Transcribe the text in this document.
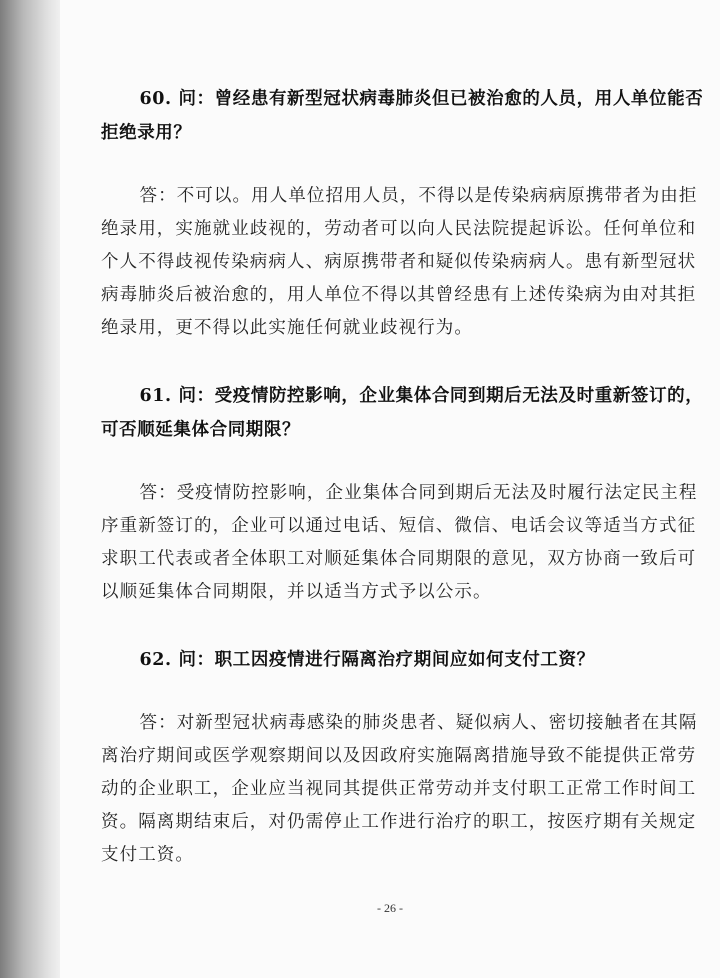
60. 问：曾经患有新型冠状病毒肺炎但已被治愈的人员，用人单位能否拒绝录用？

答：不可以。用人单位招用人员，不得以是传染病病原携带者为由拒绝录用，实施就业歧视的，劳动者可以向人民法院提起诉讼。任何单位和个人不得歧视传染病病人、病原携带者和疑似传染病病人。患有新型冠状病毒肺炎后被治愈的，用人单位不得以其曾经患有上述传染病为由对其拒绝录用，更不得以此实施任何就业歧视行为。

61. 问：受疫情防控影响，企业集体合同到期后无法及时重新签订的，可否顺延集体合同期限？

答：受疫情防控影响，企业集体合同到期后无法及时履行法定民主程序重新签订的，企业可以通过电话、短信、微信、电话会议等适当方式征求职工代表或者全体职工对顺延集体合同期限的意见，双方协商一致后可以顺延集体合同期限，并以适当方式予以公示。

62. 问：职工因疫情进行隔离治疗期间应如何支付工资？

答：对新型冠状病毒感染的肺炎患者、疑似病人、密切接触者在其隔离治疗期间或医学观察期间以及因政府实施隔离措施导致不能提供正常劳动的企业职工，企业应当视同其提供正常劳动并支付职工正常工作时间工资。隔离期结束后，对仍需停止工作进行治疗的职工，按医疗期有关规定支付工资。

- 26 -
